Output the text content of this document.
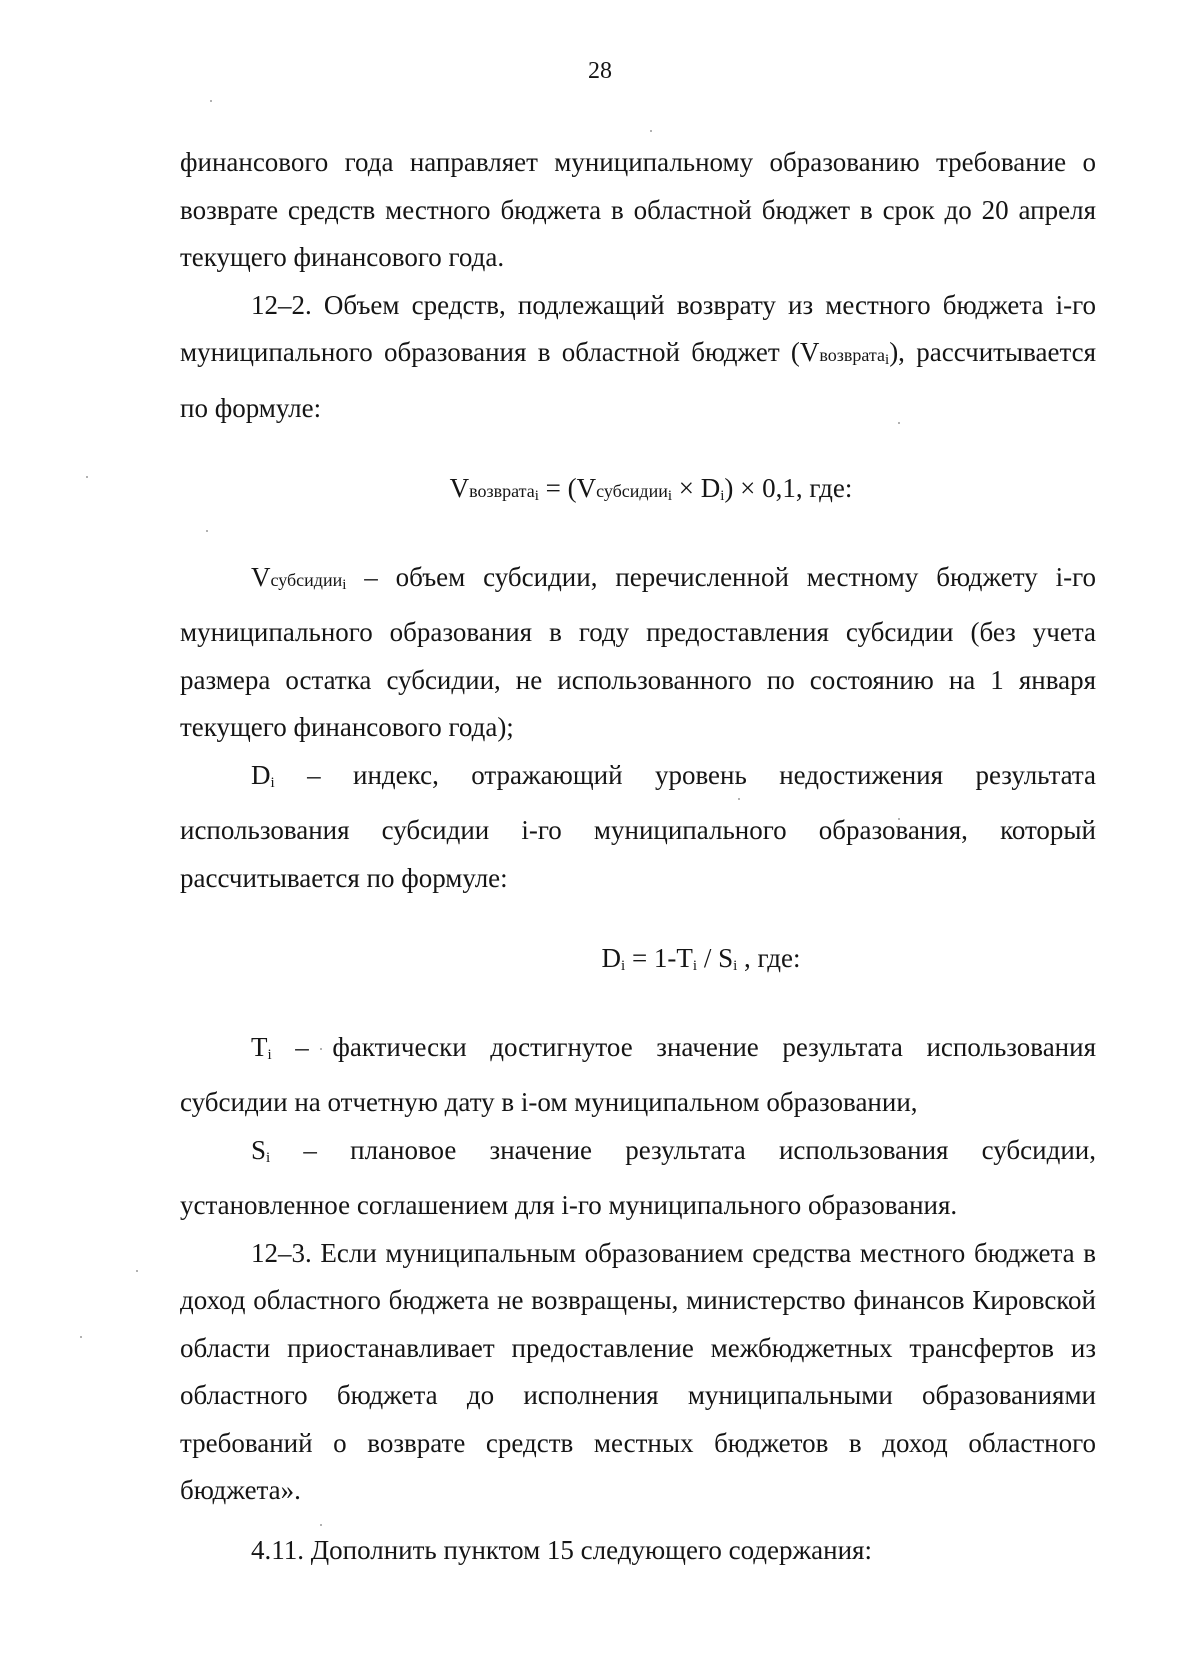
28

финансового года направляет муниципальному образованию требование о возврате средств местного бюджета в областной бюджет в срок до 20 апреля текущего финансового года.

12–2. Объем средств, подлежащий возврату из местного бюджета i-го муниципального образования в областной бюджет (Vвозвратаi), рассчитывается по формуле:

Vвозвратаi = (Vсубсидииi × Di) × 0,1, где:

Vсубсидииi – объем субсидии, перечисленной местному бюджету i-го муниципального образования в году предоставления субсидии (без учета размера остатка субсидии, не использованного по состоянию на 1 января текущего финансового года);

Di – индекс, отражающий уровень недостижения результата использования субсидии i-го муниципального образования, который рассчитывается по формуле:

Di = 1-Ti / Si , где:

Ti – фактически достигнутое значение результата использования субсидии на отчетную дату в i-ом муниципальном образовании,

Si – плановое значение результата использования субсидии, установленное соглашением для i-го муниципального образования.

12–3. Если муниципальным образованием средства местного бюджета в доход областного бюджета не возвращены, министерство финансов Кировской области приостанавливает предоставление межбюджетных трансфертов из областного бюджета до исполнения муниципальными образованиями требований о возврате средств местных бюджетов в доход областного бюджета».

4.11. Дополнить пунктом 15 следующего содержания:
